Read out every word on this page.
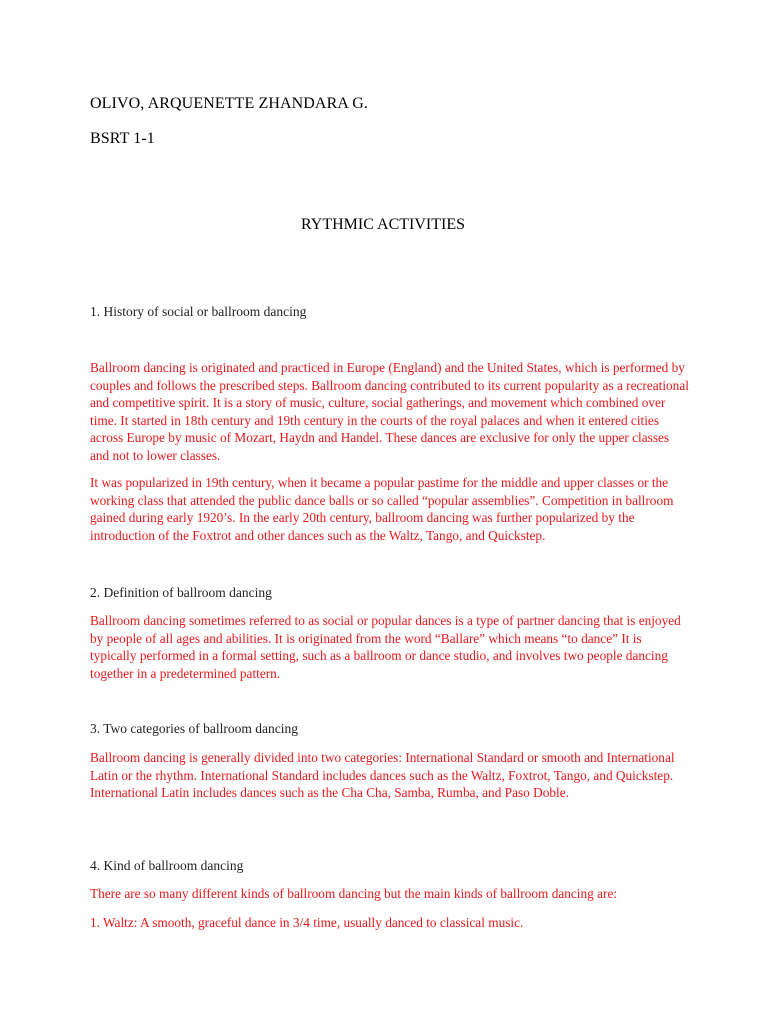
OLIVO, ARQUENETTE ZHANDARA G.

BSRT 1-1

RYTHMIC ACTIVITIES

1. History of social or ballroom dancing

Ballroom dancing is originated and practiced in Europe (England) and the United States, which is performed by couples and follows the prescribed steps. Ballroom dancing contributed to its current popularity as a recreational and competitive spirit. It is a story of music, culture, social gatherings, and movement which combined over time. It started in 18th century and 19th century in the courts of the royal palaces and when it entered cities across Europe by music of Mozart, Haydn and Handel. These dances are exclusive for only the upper classes and not to lower classes.

It was popularized in 19th century, when it became a popular pastime for the middle and upper classes or the working class that attended the public dance balls or so called “popular assemblies”. Competition in ballroom gained during early 1920’s. In the early 20th century, ballroom dancing was further popularized by the introduction of the Foxtrot and other dances such as the Waltz, Tango, and Quickstep.

2. Definition of ballroom dancing

Ballroom dancing sometimes referred to as social or popular dances is a type of partner dancing that is enjoyed by people of all ages and abilities. It is originated from the word “Ballare” which means “to dance” It is typically performed in a formal setting, such as a ballroom or dance studio, and involves two people dancing together in a predetermined pattern.

3. Two categories of ballroom dancing

Ballroom dancing is generally divided into two categories: International Standard or smooth and International Latin or the rhythm. International Standard includes dances such as the Waltz, Foxtrot, Tango, and Quickstep. International Latin includes dances such as the Cha Cha, Samba, Rumba, and Paso Doble.

4. Kind of ballroom dancing

There are so many different kinds of ballroom dancing but the main kinds of ballroom dancing are:

1. Waltz: A smooth, graceful dance in 3/4 time, usually danced to classical music.
